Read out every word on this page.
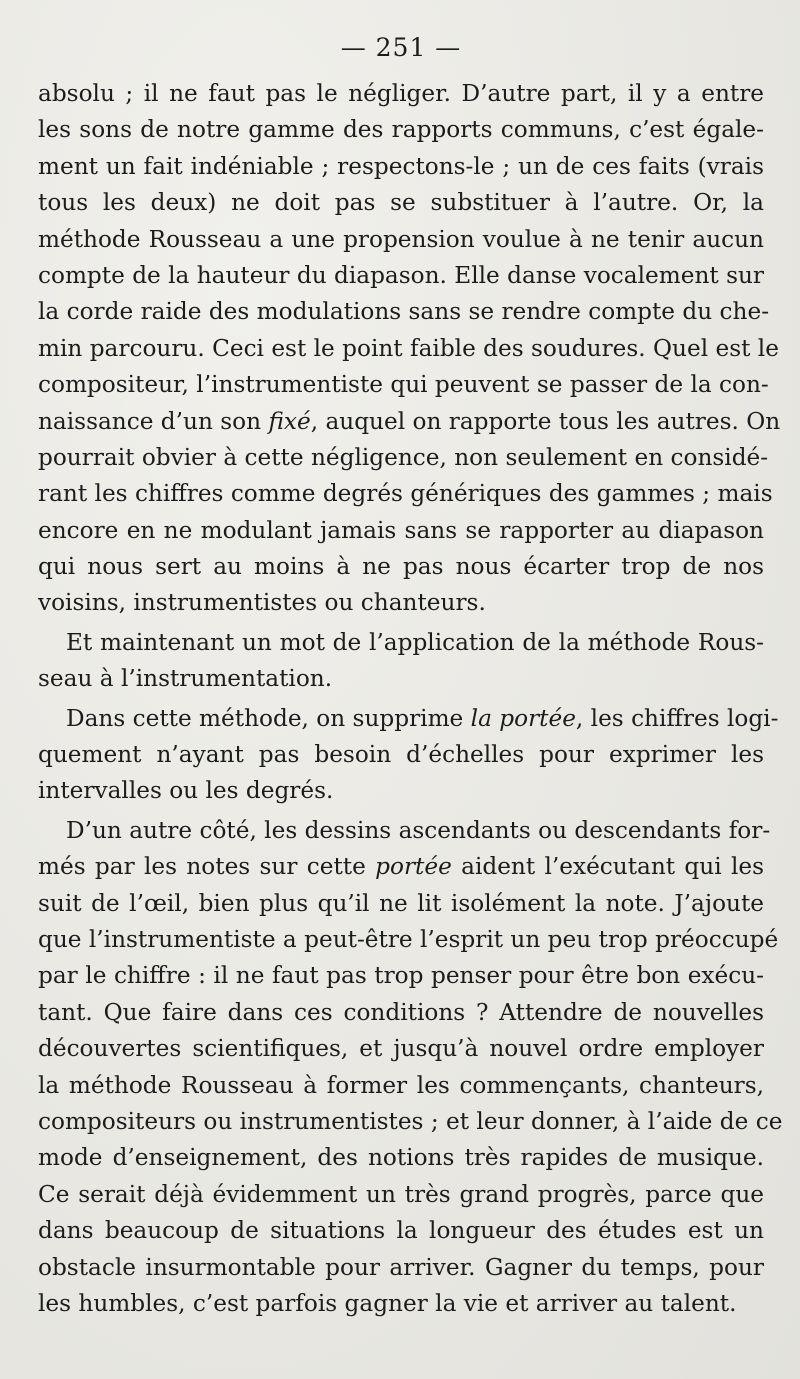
— 251 —
absolu ; il ne faut pas le négliger. D’autre part, il y a entre
les sons de notre gamme des rapports communs, c’est égale-
ment un fait indéniable ; respectons-le ; un de ces faits (vrais
tous les deux) ne doit pas se substituer à l’autre. Or, la
méthode Rousseau a une propension voulue à ne tenir aucun
compte de la hauteur du diapason. Elle danse vocalement sur
la corde raide des modulations sans se rendre compte du che-
min parcouru. Ceci est le point faible des soudures. Quel est le
compositeur, l’instrumentiste qui peuvent se passer de la con-
naissance d’un son fixé, auquel on rapporte tous les autres. On
pourrait obvier à cette négligence, non seulement en considé-
rant les chiffres comme degrés génériques des gammes ; mais
encore en ne modulant jamais sans se rapporter au diapason
qui nous sert au moins à ne pas nous écarter trop de nos
voisins, instrumentistes ou chanteurs.
Et maintenant un mot de l’application de la méthode Rous-
seau à l’instrumentation.
Dans cette méthode, on supprime la portée, les chiffres logi-
quement n’ayant pas besoin d’échelles pour exprimer les
intervalles ou les degrés.
D’un autre côté, les dessins ascendants ou descendants for-
més par les notes sur cette portée aident l’exécutant qui les
suit de l’œil, bien plus qu’il ne lit isolément la note. J’ajoute
que l’instrumentiste a peut-être l’esprit un peu trop préoccupé
par le chiffre : il ne faut pas trop penser pour être bon exécu-
tant. Que faire dans ces conditions ? Attendre de nouvelles
découvertes scientifiques, et jusqu’à nouvel ordre employer
la méthode Rousseau à former les commençants, chanteurs,
compositeurs ou instrumentistes ; et leur donner, à l’aide de ce
mode d’enseignement, des notions très rapides de musique.
Ce serait déjà évidemment un très grand progrès, parce que
dans beaucoup de situations la longueur des études est un
obstacle insurmontable pour arriver. Gagner du temps, pour
les humbles, c’est parfois gagner la vie et arriver au talent.
